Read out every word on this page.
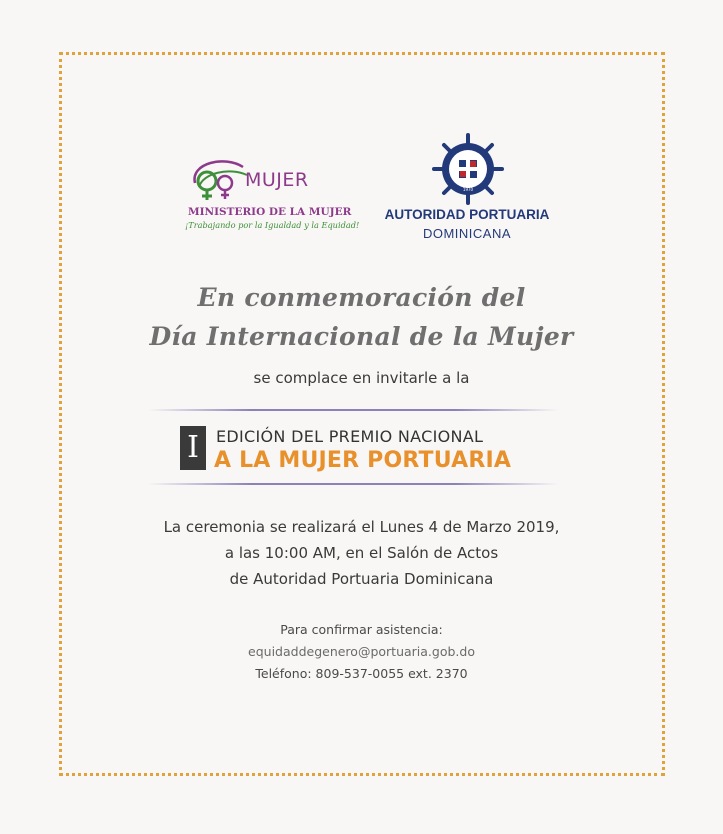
MUJER
MINISTERIO DE LA MUJER
¡Trabajando por la Igualdad y la Equidad!
1970
AUTORIDAD PORTUARIA
DOMINICANA
En conmemoración del
Día Internacional de la Mujer
se complace en invitarle a la
I	EDICIÓN DEL PREMIO NACIONAL
A LA MUJER PORTUARIA
La ceremonia se realizará el Lunes 4 de Marzo 2019,
a las 10:00 AM, en el Salón de Actos
de Autoridad Portuaria Dominicana
Para confirmar asistencia:
equidaddegenero@portuaria.gob.do
Teléfono: 809-537-0055 ext. 2370
